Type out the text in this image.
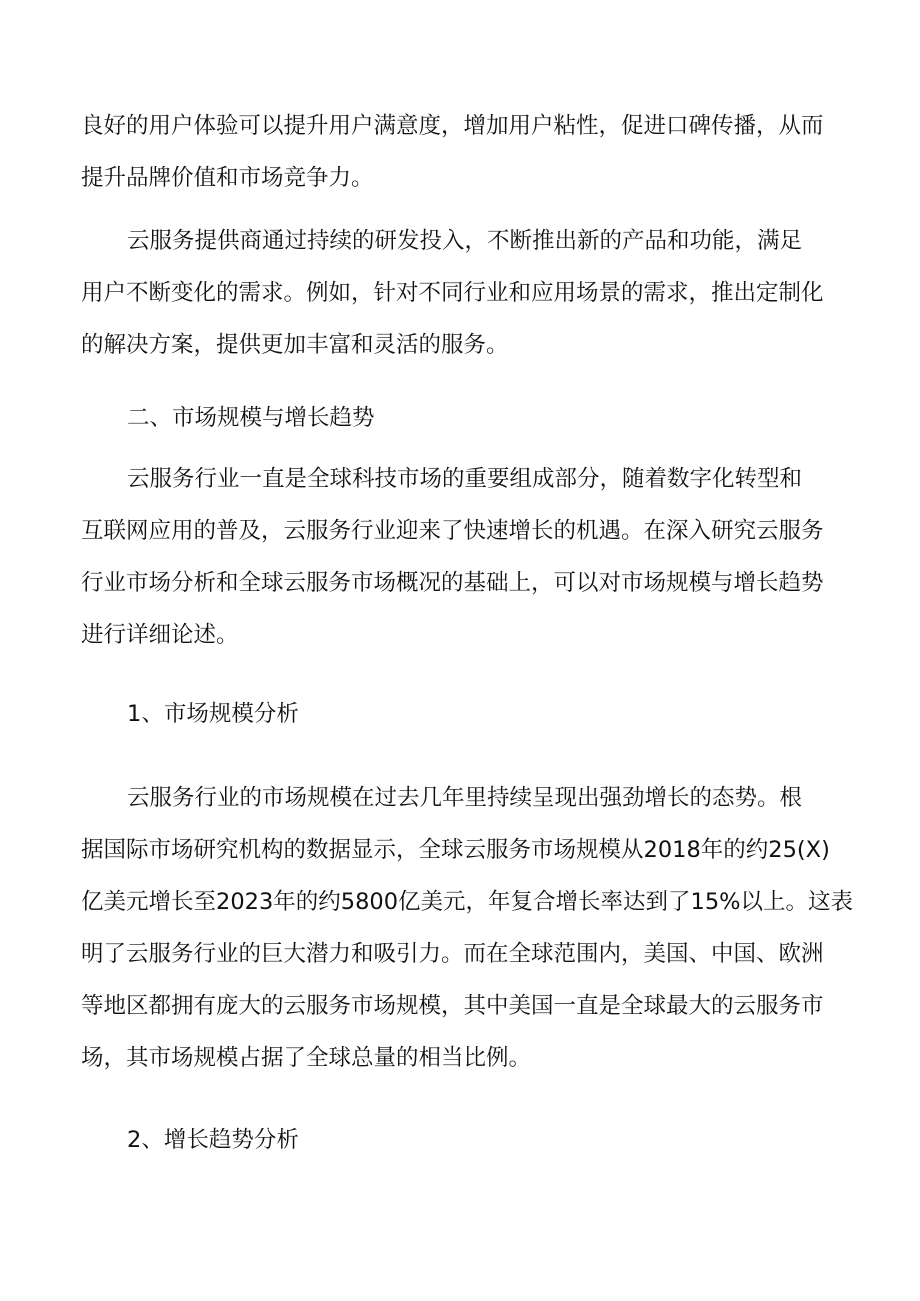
良好的用户体验可以提升用户满意度，增加用户粘性，促进口碑传播，从而
提升品牌价值和市场竞争力。
云服务提供商通过持续的研发投入，不断推出新的产品和功能，满足
用户不断变化的需求。例如，针对不同行业和应用场景的需求，推出定制化
的解决方案，提供更加丰富和灵活的服务。
二、市场规模与增长趋势
云服务行业一直是全球科技市场的重要组成部分，随着数字化转型和
互联网应用的普及，云服务行业迎来了快速增长的机遇。在深入研究云服务
行业市场分析和全球云服务市场概况的基础上，可以对市场规模与增长趋势
进行详细论述。
1、市场规模分析
云服务行业的市场规模在过去几年里持续呈现出强劲增长的态势。根
据国际市场研究机构的数据显示，全球云服务市场规模从2018年的约25(X)
亿美元增长至2023年的约5800亿美元，年复合增长率达到了15%以上。这表
明了云服务行业的巨大潜力和吸引力。而在全球范围内，美国、中国、欧洲
等地区都拥有庞大的云服务市场规模，其中美国一直是全球最大的云服务市
场，其市场规模占据了全球总量的相当比例。
2、增长趋势分析
